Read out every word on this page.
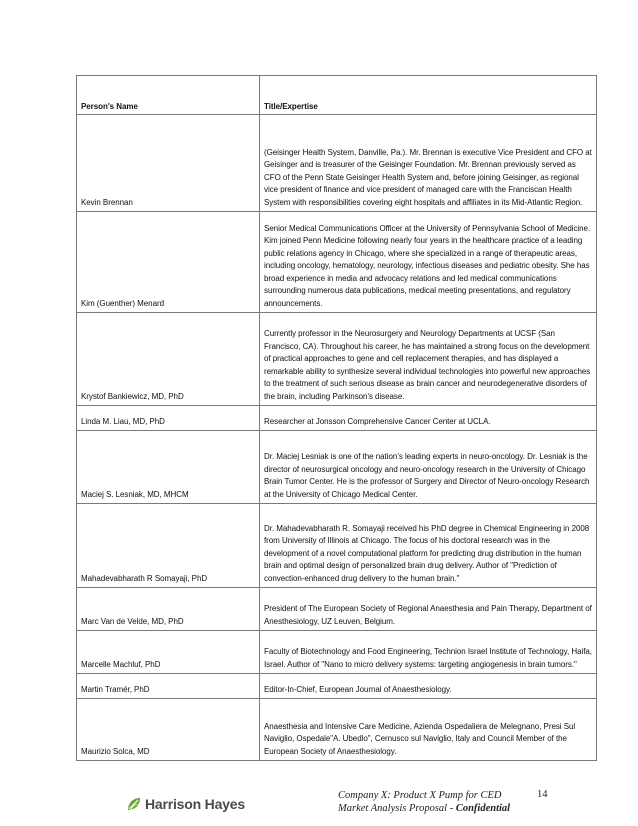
Person's Name	Title/Expertise
Kevin Brennan	(Geisinger Health System, Danville, Pa.). Mr. Brennan is executive Vice President and CFO at Geisinger and is treasurer of the Geisinger Foundation. Mr. Brennan previously served as CFO of the Penn State Geisinger Health System and, before joining Geisinger, as regional vice president of finance and vice president of managed care with the Franciscan Health System with responsibilities covering eight hospitals and affiliates in its Mid-Atlantic Region.
Kim (Guenther) Menard	Senior Medical Communications Officer at the University of Pennsylvania School of Medicine. Kim joined Penn Medicine following nearly four years in the healthcare practice of a leading public relations agency in Chicago, where she specialized in a range of therapeutic areas, including oncology, hematology, neurology, infectious diseases and pediatric obesity. She has broad experience in media and advocacy relations and led medical communications surrounding numerous data publications, medical meeting presentations, and regulatory announcements.
Krystof Bankiewicz, MD, PhD	Currently professor in the Neurosurgery and Neurology Departments at UCSF (San Francisco, CA). Throughout his career, he has maintained a strong focus on the development of practical approaches to gene and cell replacement therapies, and has displayed a remarkable ability to synthesize several individual technologies into powerful new approaches to the treatment of such serious disease as brain cancer and neurodegenerative disorders of the brain, including Parkinson's disease.
Linda M. Liau, MD, PhD	Researcher at Jonsson Comprehensive Cancer Center at UCLA.
Maciej S. Lesniak, MD, MHCM	Dr. Maciej Lesniak is one of the nation’s leading experts in neuro-oncology. Dr. Lesniak is the director of neurosurgical oncology and neuro-oncology research in the University of Chicago Brain Tumor Center. He is the professor of Surgery and Director of Neuro-oncology Research at the University of Chicago Medical Center.
Mahadevabharath R Somayaji, PhD	Dr. Mahadevabharath R. Somayaji received his PhD degree in Chemical Engineering in 2008 from University of Illinois at Chicago. The focus of his doctoral research was in the development of a novel computational platform for predicting drug distribution in the human brain and optimal design of personalized brain drug delivery. Author of "Prediction of convection-enhanced drug delivery to the human brain."
Marc Van de Velde, MD, PhD	President of The European Society of Regional Anaesthesia and Pain Therapy, Department of Anesthesiology, UZ Leuven, Belgium.
Marcelle Machluf, PhD	Faculty of Biotechnology and Food Engineering, Technion Israel Institute of Technology, Haifa, Israel. Author of "Nano to micro delivery systems: targeting angiogenesis in brain tumors."
Martin Tramér, PhD	Editor-In-Chief, European Journal of Anaesthesiology.
Maurizio Solca, MD	Anaesthesia and Intensive Care Medicine, Azienda Ospedaliera de Melegnano, Presi Sul Naviglio, Ospedale"A. Ubedlo", Cernusco sul Naviglio, Italy and Council Member of the European Society of Anaesthesiology.
Harrison Hayes
Company X: Product X Pump for CED
Market Analysis Proposal - Confidential
14
